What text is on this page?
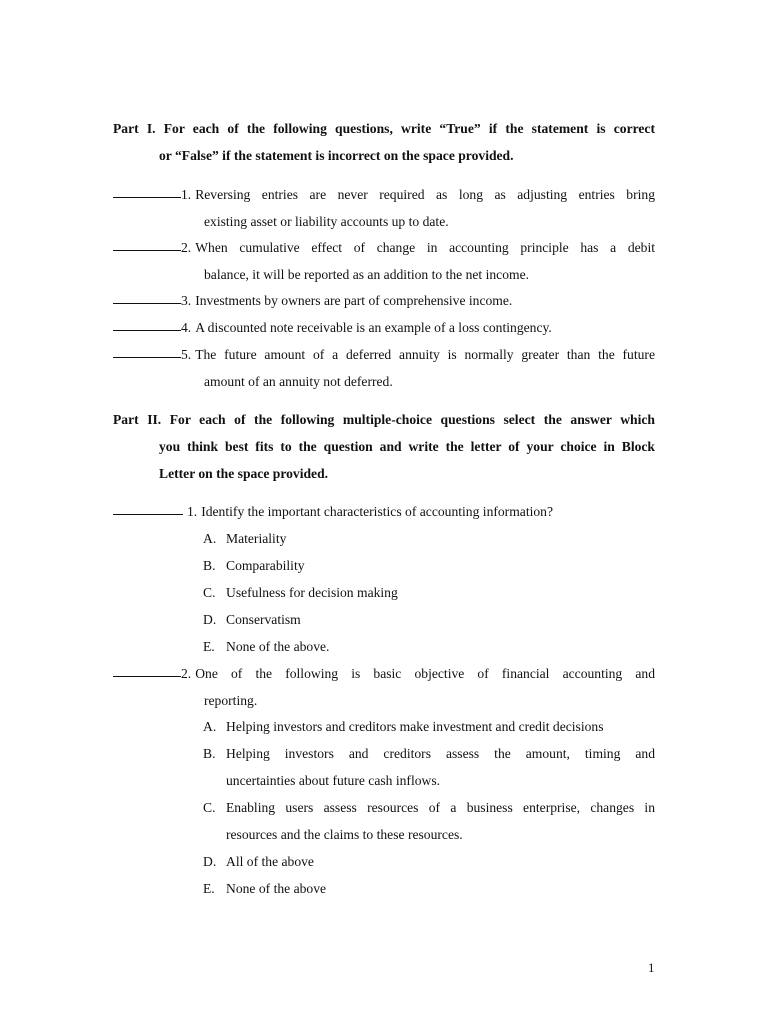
Part I. For each of the following questions, write “True” if the statement is correct
or “False” if the statement is incorrect on the space provided.
1. Reversing entries are never required as long as adjusting entries bring
existing asset or liability accounts up to date.
2. When cumulative effect of change in accounting principle has a debit
balance, it will be reported as an addition to the net income.
3. Investments by owners are part of comprehensive income.
4. A discounted note receivable is an example of a loss contingency.
5. The future amount of a deferred annuity is normally greater than the future
amount of an annuity not deferred.
Part II. For each of the following multiple-choice questions select the answer which
you think best fits to the question and write the letter of your choice in Block
Letter on the space provided.
1. Identify the important characteristics of accounting information?
A. Materiality
B. Comparability
C. Usefulness for decision making
D. Conservatism
E. None of the above.
2. One of the following is basic objective of financial accounting and
reporting.
A. Helping investors and creditors make investment and credit decisions
B. Helping investors and creditors assess the amount, timing and
uncertainties about future cash inflows.
C. Enabling users assess resources of a business enterprise, changes in
resources and the claims to these resources.
D. All of the above
E. None of the above
1
